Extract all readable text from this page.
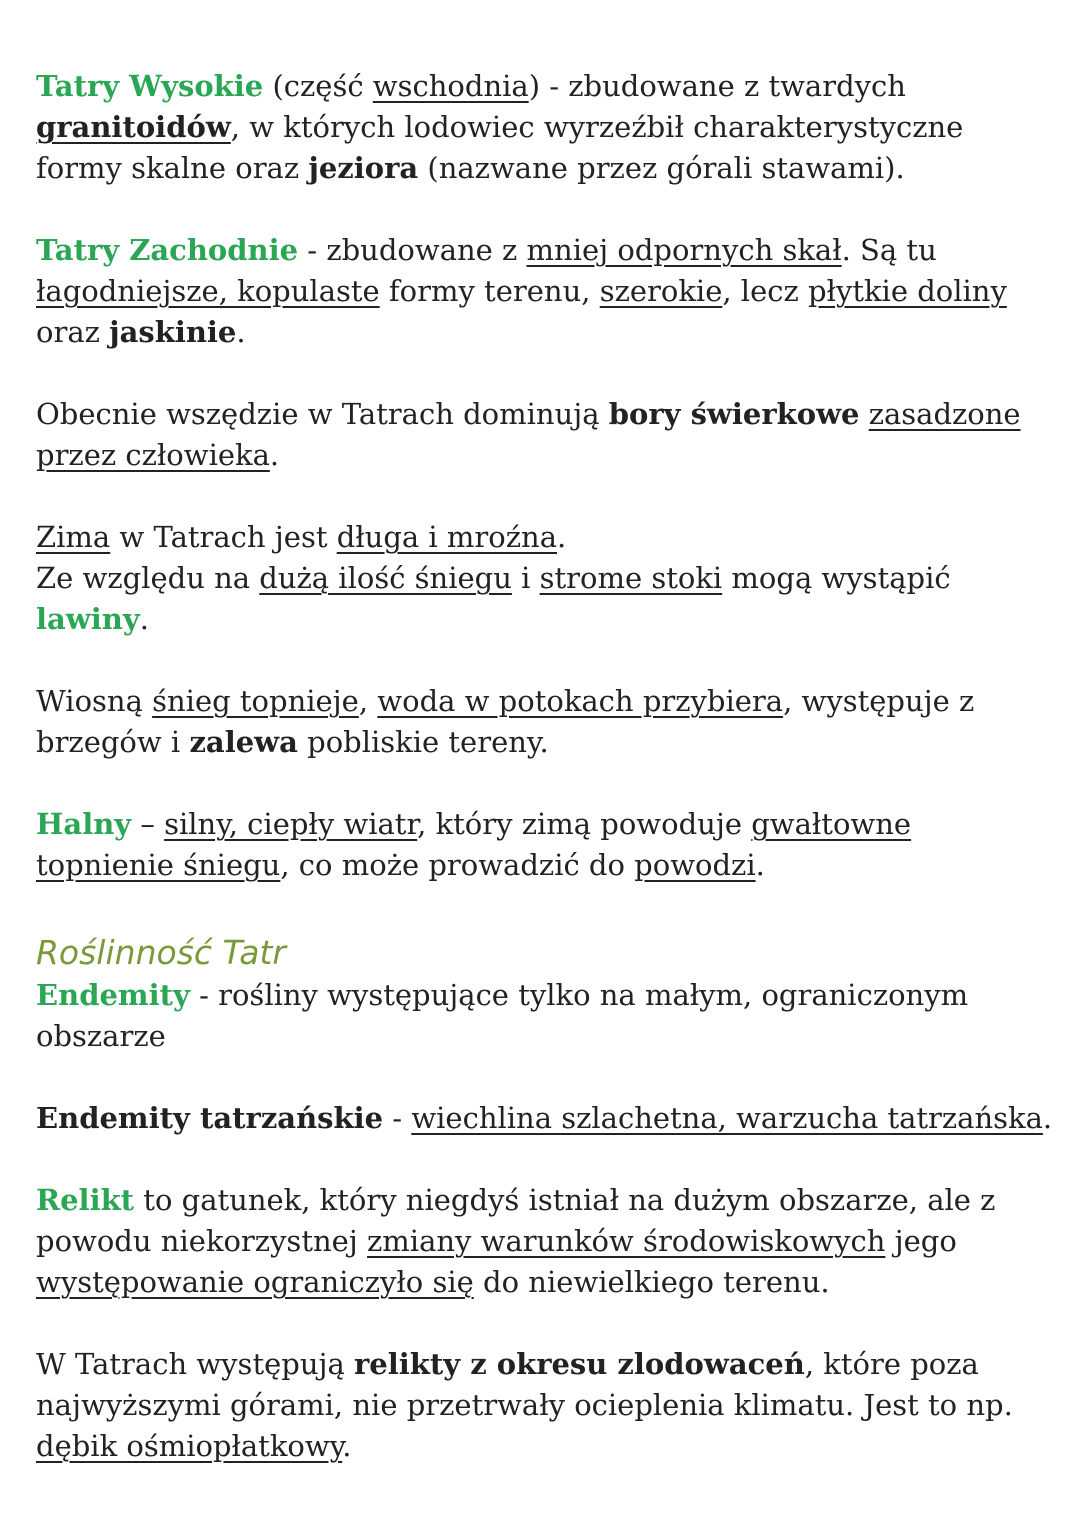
Tatry Wysokie (część wschodnia) - zbudowane z twardych granitoidów, w których lodowiec wyrzeźbił charakterystyczne formy skalne oraz jeziora (nazwane przez górali stawami).

Tatry Zachodnie - zbudowane z mniej odpornych skał. Są tu łagodniejsze, kopulaste formy terenu, szerokie, lecz płytkie doliny oraz jaskinie.

Obecnie wszędzie w Tatrach dominują bory świerkowe zasadzone przez człowieka.

Zima w Tatrach jest długa i mroźna.
Ze względu na dużą ilość śniegu i strome stoki mogą wystąpić lawiny.

Wiosną śnieg topnieje, woda w potokach przybiera, występuje z brzegów i zalewa pobliskie tereny.

Halny – silny, ciepły wiatr, który zimą powoduje gwałtowne topnienie śniegu, co może prowadzić do powodzi.

Roślinność Tatr

Endemity - rośliny występujące tylko na małym, ograniczonym obszarze

Endemity tatrzańskie - wiechlina szlachetna, warzucha tatrzańska.

Relikt to gatunek, który niegdyś istniał na dużym obszarze, ale z powodu niekorzystnej zmiany warunków środowiskowych jego występowanie ograniczyło się do niewielkiego terenu.

W Tatrach występują relikty z okresu zlodowaceń, które poza najwyższymi górami, nie przetrwały ocieplenia klimatu. Jest to np. dębik ośmiopłatkowy.
